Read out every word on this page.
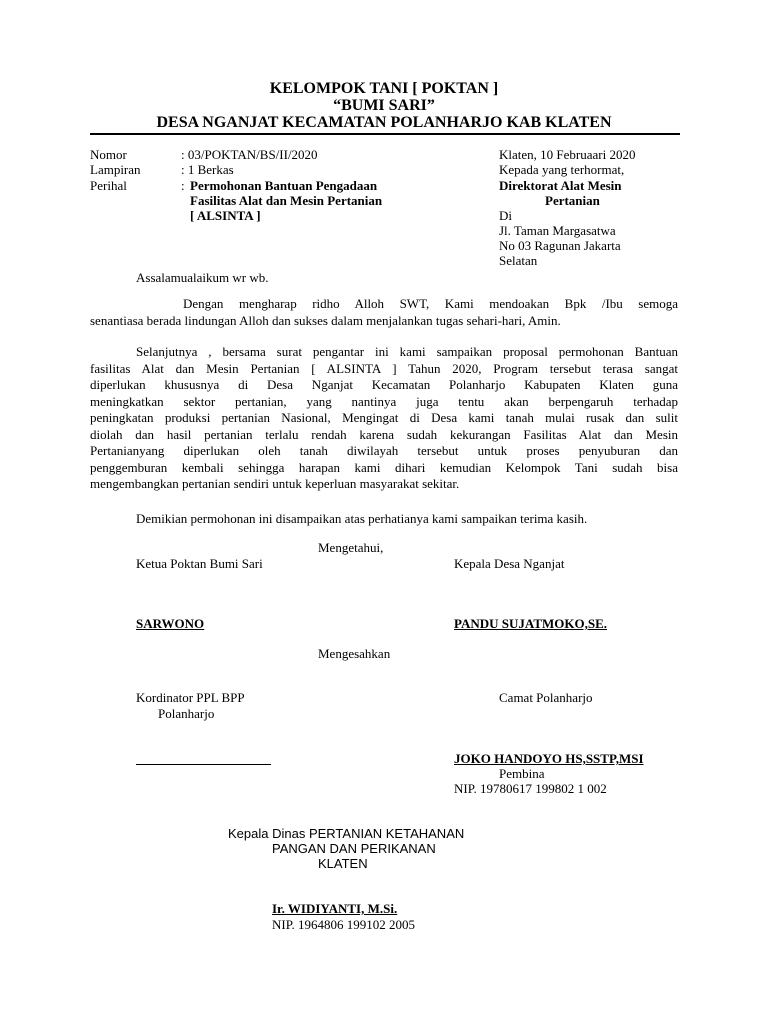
KELOMPOK TANI [ POKTAN ]
“BUMI SARI”
DESA NGANJAT KECAMATAN POLANHARJO KAB KLATEN
Nomor	: 03/POKTAN/BS/II/2020
Lampiran	: 1 Berkas
Perihal	: Permohonan Bantuan Pengadaan
Fasilitas Alat dan Mesin Pertanian
[ ALSINTA ]
Klaten, 10 Februaari 2020
Kepada yang terhormat,
Direktorat Alat Mesin
Pertanian
Di
Jl. Taman Margasatwa
No 03 Ragunan Jakarta
Selatan
Assalamualaikum wr wb.
Dengan mengharap ridho Alloh SWT, Kami mendoakan Bpk /Ibu semoga
senantiasa berada lindungan Alloh dan sukses dalam menjalankan tugas sehari-hari, Amin.
Selanjutnya , bersama surat pengantar ini kami sampaikan proposal permohonan Bantuan
fasilitas Alat dan Mesin Pertanian [ ALSINTA ] Tahun 2020, Program tersebut terasa sangat
diperlukan khususnya di Desa Nganjat Kecamatan Polanharjo Kabupaten Klaten guna
meningkatkan sektor pertanian, yang nantinya juga tentu akan berpengaruh terhadap
peningkatan produksi pertanian Nasional, Mengingat di Desa kami tanah mulai rusak dan sulit
diolah dan hasil pertanian terlalu rendah karena sudah kekurangan Fasilitas Alat dan Mesin
Pertanianyang diperlukan oleh tanah diwilayah tersebut untuk proses penyuburan dan
penggemburan kembali sehingga harapan kami dihari kemudian Kelompok Tani sudah bisa
mengembangkan pertanian sendiri untuk keperluan masyarakat sekitar.
Demikian permohonan ini disampaikan atas perhatianya kami sampaikan terima kasih.
Mengetahui,
Ketua Poktan Bumi Sari	Kepala Desa Nganjat
SARWONO	PANDU SUJATMOKO,SE.
Mengesahkan
Kordinator PPL BPP
Polanharjo
Camat Polanharjo
JOKO HANDOYO HS,SSTP,MSI
Pembina
NIP. 19780617 199802 1 002
Kepala Dinas PERTANIAN KETAHANAN
PANGAN DAN PERIKANAN
KLATEN
Ir. WIDIYANTI, M.Si.
NIP. 1964806 199102 2005
